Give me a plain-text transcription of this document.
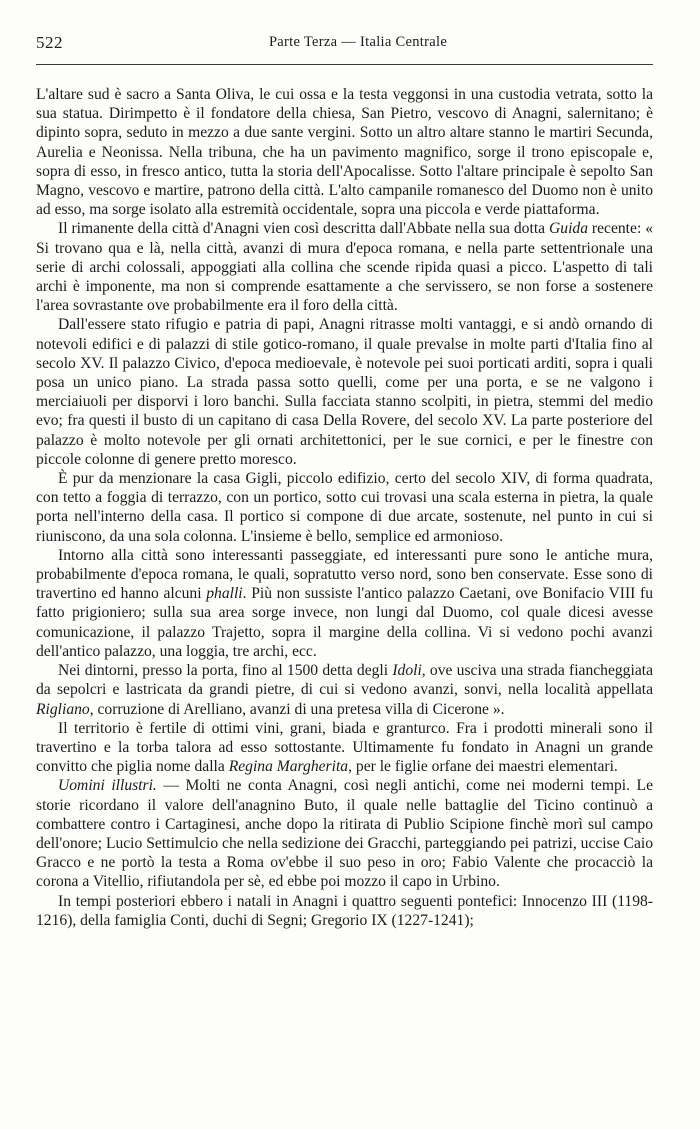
522	Parte Terza — Italia Centrale

L'altare sud è sacro a Santa Oliva, le cui ossa e la testa veggonsi in una custodia vetrata, sotto la sua statua. Dirimpetto è il fondatore della chiesa, San Pietro, vescovo di Anagni, salernitano; è dipinto sopra, seduto in mezzo a due sante vergini. Sotto un altro altare stanno le martiri Secunda, Aurelia e Neonissa. Nella tribuna, che ha un pavimento magnifico, sorge il trono episcopale e, sopra di esso, in fresco antico, tutta la storia dell'Apocalisse. Sotto l'altare principale è sepolto San Magno, vescovo e martire, patrono della città. L'alto campanile romanesco del Duomo non è unito ad esso, ma sorge isolato alla estremità occidentale, sopra una piccola e verde piattaforma.

Il rimanente della città d'Anagni vien così descritta dall'Abbate nella sua dotta Guida recente: « Si trovano qua e là, nella città, avanzi di mura d'epoca romana, e nella parte settentrionale una serie di archi colossali, appoggiati alla collina che scende ripida quasi a picco. L'aspetto di tali archi è imponente, ma non si comprende esattamente a che servissero, se non forse a sostenere l'area sovrastante ove probabilmente era il foro della città.

Dall'essere stato rifugio e patria di papi, Anagni ritrasse molti vantaggi, e si andò ornando di notevoli edifici e di palazzi di stile gotico-romano, il quale prevalse in molte parti d'Italia fino al secolo XV. Il palazzo Civico, d'epoca medioevale, è notevole pei suoi porticati arditi, sopra i quali posa un unico piano. La strada passa sotto quelli, come per una porta, e se ne valgono i merciaiuoli per disporvi i loro banchi. Sulla facciata stanno scolpiti, in pietra, stemmi del medio evo; fra questi il busto di un capitano di casa Della Rovere, del secolo XV. La parte posteriore del palazzo è molto notevole per gli ornati architettonici, per le sue cornici, e per le finestre con piccole colonne di genere pretto moresco.

È pur da menzionare la casa Gigli, piccolo edifizio, certo del secolo XIV, di forma quadrata, con tetto a foggia di terrazzo, con un portico, sotto cui trovasi una scala esterna in pietra, la quale porta nell'interno della casa. Il portico si compone di due arcate, sostenute, nel punto in cui si riuniscono, da una sola colonna. L'insieme è bello, semplice ed armonioso.

Intorno alla città sono interessanti passeggiate, ed interessanti pure sono le antiche mura, probabilmente d'epoca romana, le quali, sopratutto verso nord, sono ben conservate. Esse sono di travertino ed hanno alcuni phalli. Più non sussiste l'antico palazzo Caetani, ove Bonifacio VIII fu fatto prigioniero; sulla sua area sorge invece, non lungi dal Duomo, col quale dicesi avesse comunicazione, il palazzo Trajetto, sopra il margine della collina. Vi si vedono pochi avanzi dell'antico palazzo, una loggia, tre archi, ecc.

Nei dintorni, presso la porta, fino al 1500 detta degli Idoli, ove usciva una strada fiancheggiata da sepolcri e lastricata da grandi pietre, di cui si vedono avanzi, sonvi, nella località appellata Rigliano, corruzione di Arelliano, avanzi di una pretesa villa di Cicerone ».

Il territorio è fertile di ottimi vini, grani, biada e granturco. Fra i prodotti minerali sono il travertino e la torba talora ad esso sottostante. Ultimamente fu fondato in Anagni un grande convitto che piglia nome dalla Regina Margherita, per le figlie orfane dei maestri elementari.

Uomini illustri. — Molti ne conta Anagni, così negli antichi, come nei moderni tempi. Le storie ricordano il valore dell'anagnino Buto, il quale nelle battaglie del Ticino continuò a combattere contro i Cartaginesi, anche dopo la ritirata di Publio Scipione finchè morì sul campo dell'onore; Lucio Settimulcio che nella sedizione dei Gracchi, parteggiando pei patrizi, uccise Caio Gracco e ne portò la testa a Roma ov'ebbe il suo peso in oro; Fabio Valente che procacciò la corona a Vitellio, rifiutandola per sè, ed ebbe poi mozzo il capo in Urbino.

In tempi posteriori ebbero i natali in Anagni i quattro seguenti pontefici: Innocenzo III (1198-1216), della famiglia Conti, duchi di Segni; Gregorio IX (1227-1241);
